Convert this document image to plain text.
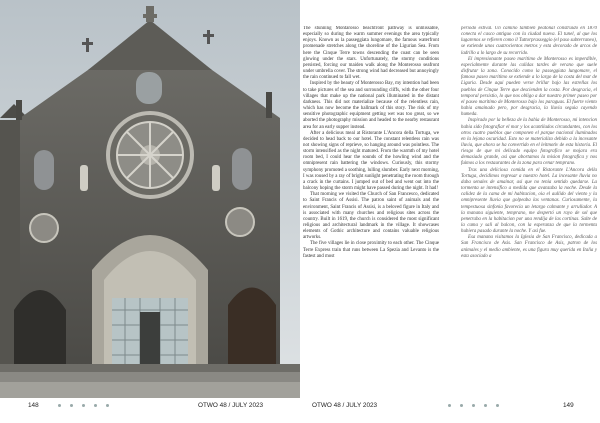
148	OTWO 48 / JULY 2023

The stunning Montarosso beachfront pathway is unmissable, especially so during the warm summer evenings the area typically enjoys. Known as la passeggiata lungomare, the famous waterfront promenade stretches along the shoreline of the Ligurian Sea. From here the Cinque Terre towns descending the coast can be seen glowing under the stars. Unfortunately, the stormy conditions persisted, forcing our maiden walk along the Monterosso seafront under umbrella cover. The strong wind had decreased but annoyingly the rain continued to fall wet.

Inspired by the beauty of Monterosso Bay, my intention had been to take pictures of the sea and surrounding cliffs, with the other four villages that make up the national park illuminated in the distant darkness. This did not materialize because of the relentless rain, which has now become the hallmark of this story. The risk of my sensitive photographic equipment getting wet was too great, so we aborted the photography mission and headed to the nearby restaurant area for an early supper instead.

After a delicious meal at Ristorante L'Ancora della Tortuga, we decided to head back to our hotel. The constant relentless rain was not showing signs of reprieve, so hanging around was pointless. The storm intensified as the night matured. From the warmth of my hotel room bed, I could hear the sounds of the howling wind and the omnipresent rain battering the windows. Curiously, this stormy symphony promoted a soothing, lulling slumber. Early next morning, I was roused by a ray of bright sunlight penetrating the room through a crack in the curtains. I jumped out of bed and went out into the balcony hoping the storm might have passed during the night. It had!

That morning we visited the Church of San Francesco, dedicated to Saint Francis of Assisi. The patron saint of animals and the environment, Saint Francis of Assisi, is a beloved figure in Italy and is associated with many churches and religious sites across the country. Built in 1619, the church is considered the most significant religious and architectural landmark in the village. It showcases elements of Gothic architecture and contains valuable religious artworks.

The five villages lie in close proximity to each other. The Cinque Terre Express train that runs between La Spezia and Levanto is the fastest and most

periodo estival. Un camino tambien peatonal construido en 1870 conecta el casco antiguo con la ciudad nueva. El tunel, al que los lugarenos se refieren como il Tuttorprasseggio (el paso subterraneo), se extiende unos cuatrocientos metros y esta decorado de arcos de ladrillo a lo largo de su recorrido.

El impresionante paseo maritimo de Monterosso es imperdible, especialmente durante las calidas tardes de verano que suele disfrutar la zona. Conocido como la passeggiata lungomare, el famoso paseo maritimo se extiende a lo largo de la costa del mar de Liguria. Desde aqui pueden verse brillar bajo las estrellas los pueblos de Cinque Terre que descienden la costa. Por desgracia, el temporal persistio, lo que nos obligo a dar nuestro primer paseo por el paseo maritimo de Monterosso bajo los paraguas. El fuerte viento habia amainado pero, por desgracia, la lluvia seguia cayendo humeda.

Inspirado por la belleza de la bahia de Monterosso, mi intencion habia sido fotografiar el mar y los acantilados circundantes, con los otros cuatro pueblos que componen el parque nacional iluminados en la lejana oscuridad. Esto no se materializo debido a la incesante lluvia, que ahora se ha convertido en el leitmotiv de esta historia. El riesgo de que mi delicado equipo fotografico se mojara era demasiado grande, asi que abortamos la mision fotografica y nos fuimos a los restaurantes de la zona para cenar temprano.

Tras una deliciosa comida en el Ristorante L'Ancora della Tortuga, decidimos regresar a nuestro hotel. La incesante lluvia no daba senales de amainar, asi que no tenia sentido quedarse. La tormenta se intensifico a medida que avanzaba la noche. Desde la calidez de la cama de mi habitacion, oia el aullido del viento y la omnipresente lluvia que golpeaba las ventanas. Curiosamente, la tempestuosa sinfonia favorecia un letargo calmante y arrullador. A la manana siguiente, temprano, me despertó un rayo de sol que penetraba en la habitacion por una rendija de las cortinas. Salte de la cama y sali al balcon, con la esperanza de que la tormenta hubiera pasado durante la noche. Y asi fue.

Esa manana visitamos la Iglesia de San Francisco, dedicada a San Francisco de Asis. San Francisco de Asis, patron de los animales y el medio ambiente, es una figura muy querida en Italia y esta asociado a

OTWO 48 / JULY 2023	149
